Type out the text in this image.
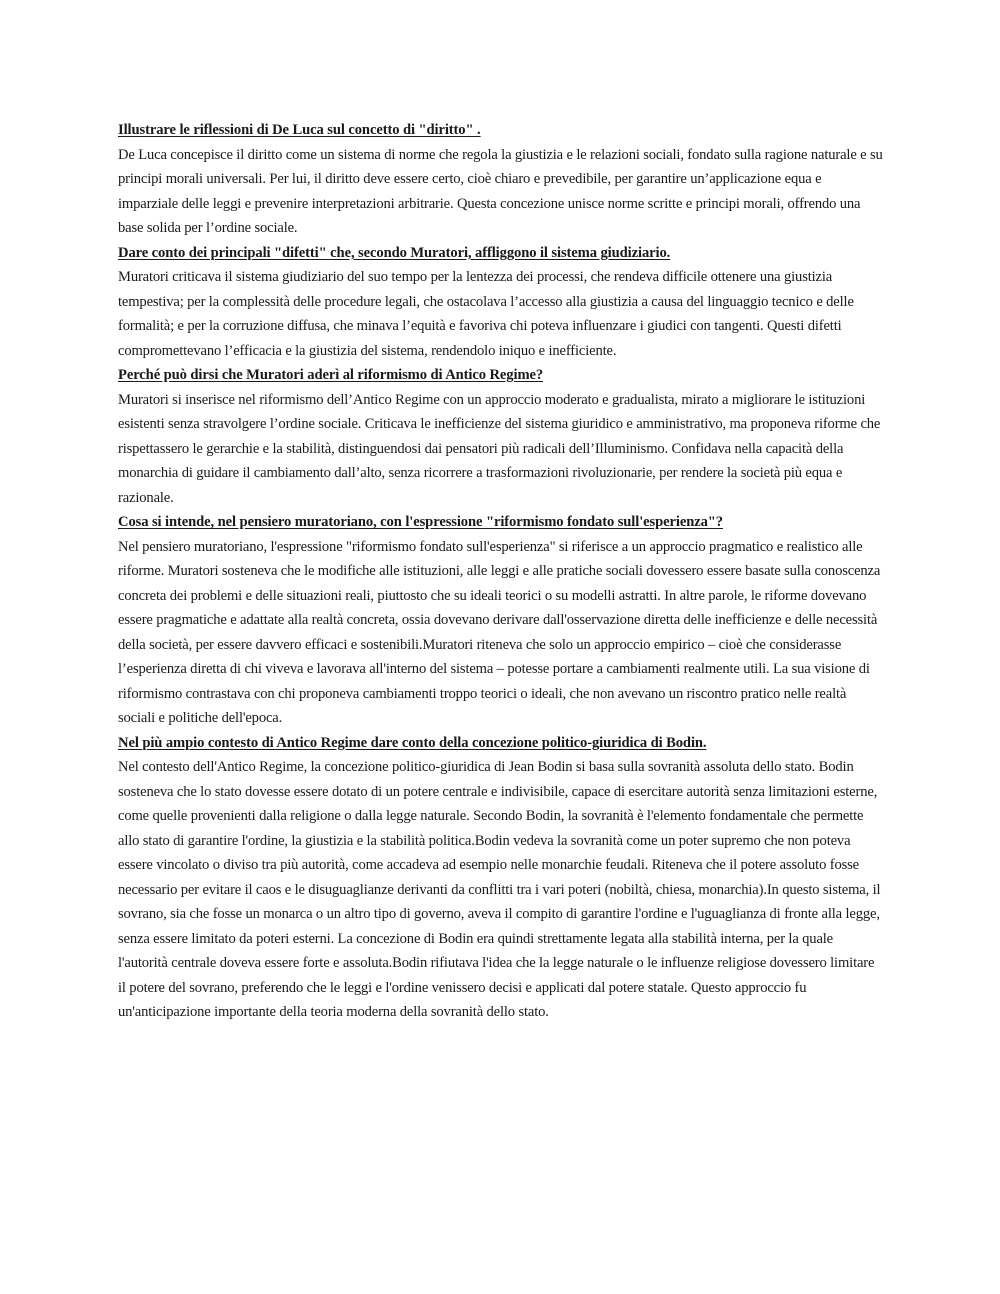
Illustrare le riflessioni di De Luca sul concetto di "diritto" .

De Luca concepisce il diritto come un sistema di norme che regola la giustizia e le relazioni sociali, fondato sulla ragione naturale e su principi morali universali. Per lui, il diritto deve essere certo, cioè chiaro e prevedibile, per garantire un’applicazione equa e imparziale delle leggi e prevenire interpretazioni arbitrarie. Questa concezione unisce norme scritte e principi morali, offrendo una base solida per l’ordine sociale.

Dare conto dei principali "difetti" che, secondo Muratori, affliggono il sistema giudiziario.

Muratori criticava il sistema giudiziario del suo tempo per la lentezza dei processi, che rendeva difficile ottenere una giustizia tempestiva; per la complessità delle procedure legali, che ostacolava l’accesso alla giustizia a causa del linguaggio tecnico e delle formalità; e per la corruzione diffusa, che minava l’equità e favoriva chi poteva influenzare i giudici con tangenti. Questi difetti compromettevano l’efficacia e la giustizia del sistema, rendendolo iniquo e inefficiente.

Perché può dirsi che Muratori aderì al riformismo di Antico Regime?

Muratori si inserisce nel riformismo dell’Antico Regime con un approccio moderato e gradualista, mirato a migliorare le istituzioni esistenti senza stravolgere l’ordine sociale. Criticava le inefficienze del sistema giuridico e amministrativo, ma proponeva riforme che rispettassero le gerarchie e la stabilità, distinguendosi dai pensatori più radicali dell’Illuminismo. Confidava nella capacità della monarchia di guidare il cambiamento dall’alto, senza ricorrere a trasformazioni rivoluzionarie, per rendere la società più equa e razionale.

Cosa si intende, nel pensiero muratoriano, con l'espressione "riformismo fondato sull'esperienza"?

Nel pensiero muratoriano, l'espressione "riformismo fondato sull'esperienza" si riferisce a un approccio pragmatico e realistico alle riforme. Muratori sosteneva che le modifiche alle istituzioni, alle leggi e alle pratiche sociali dovessero essere basate sulla conoscenza concreta dei problemi e delle situazioni reali, piuttosto che su ideali teorici o su modelli astratti. In altre parole, le riforme dovevano essere pragmatiche e adattate alla realtà concreta, ossia dovevano derivare dall'osservazione diretta delle inefficienze e delle necessità della società, per essere davvero efficaci e sostenibili.Muratori riteneva che solo un approccio empirico – cioè che considerasse l’esperienza diretta di chi viveva e lavorava all'interno del sistema – potesse portare a cambiamenti realmente utili. La sua visione di riformismo contrastava con chi proponeva cambiamenti troppo teorici o ideali, che non avevano un riscontro pratico nelle realtà sociali e politiche dell'epoca.

Nel più ampio contesto di Antico Regime dare conto della concezione politico-giuridica di Bodin.

Nel contesto dell'Antico Regime, la concezione politico-giuridica di Jean Bodin si basa sulla sovranità assoluta dello stato. Bodin sosteneva che lo stato dovesse essere dotato di un potere centrale e indivisibile, capace di esercitare autorità senza limitazioni esterne, come quelle provenienti dalla religione o dalla legge naturale. Secondo Bodin, la sovranità è l'elemento fondamentale che permette allo stato di garantire l'ordine, la giustizia e la stabilità politica.Bodin vedeva la sovranità come un poter supremo che non poteva essere vincolato o diviso tra più autorità, come accadeva ad esempio nelle monarchie feudali. Riteneva che il potere assoluto fosse necessario per evitare il caos e le disuguaglianze derivanti da conflitti tra i vari poteri (nobiltà, chiesa, monarchia).In questo sistema, il sovrano, sia che fosse un monarca o un altro tipo di governo, aveva il compito di garantire l'ordine e l'uguaglianza di fronte alla legge, senza essere limitato da poteri esterni. La concezione di Bodin era quindi strettamente legata alla stabilità interna, per la quale l'autorità centrale doveva essere forte e assoluta.Bodin rifiutava l'idea che la legge naturale o le influenze religiose dovessero limitare il potere del sovrano, preferendo che le leggi e l'ordine venissero decisi e applicati dal potere statale. Questo approccio fu un'anticipazione importante della teoria moderna della sovranità dello stato.
